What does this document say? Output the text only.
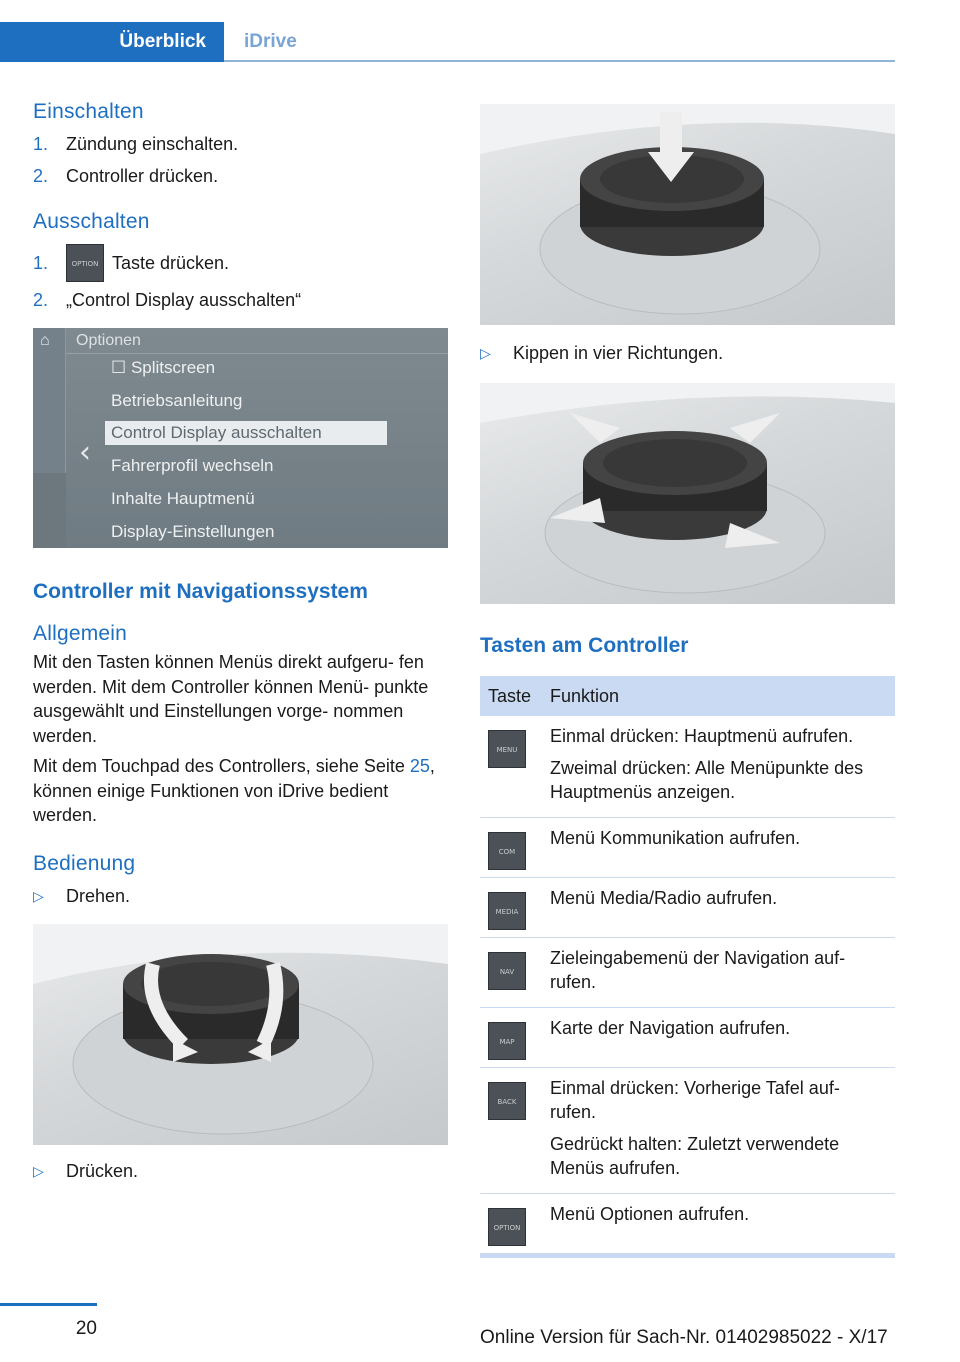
Überblick	iDrive
Einschalten
1. Zündung einschalten.
2. Controller drücken.
Ausschalten
1.	OPTION Taste drücken.
2. „Control Display ausschalten“
⌂ Optionen
‹
☐ Splitscreen
Betriebsanleitung
Control Display ausschalten
Fahrerprofil wechseln
Inhalte Hauptmenü
Display-Einstellungen
Controller mit Navigationssystem
Allgemein

Mit den Tasten können Menüs direkt aufgeru‐ fen werden. Mit dem Controller können Menü‐ punkte ausgewählt und Einstellungen vorge‐ nommen werden.

Mit dem Touchpad des Controllers, siehe Seite 25, können einige Funktionen von iDrive bedient werden.

Bedienung
▷	Drehen.
▷	Drücken.
▷	Kippen in vier Richtungen.
Tasten am Controller
Taste	Funktion

MENU	Einmal drücken: Hauptmenü aufrufen.

Zweimal drücken: Alle Menüpunkte des Hauptmenüs anzeigen.

COM	Menü Kommunikation aufrufen.

MEDIA	Menü Media/Radio aufrufen.

NAV	Zieleingabemenü der Navigation auf‐ rufen.

MAP	Karte der Navigation aufrufen.

BACK	Einmal drücken: Vorherige Tafel auf‐ rufen.

Gedrückt halten: Zuletzt verwendete Menüs aufrufen.

OPTION	Menü Optionen aufrufen.

20	Online Version für Sach-Nr. 01402985022 - X/17
